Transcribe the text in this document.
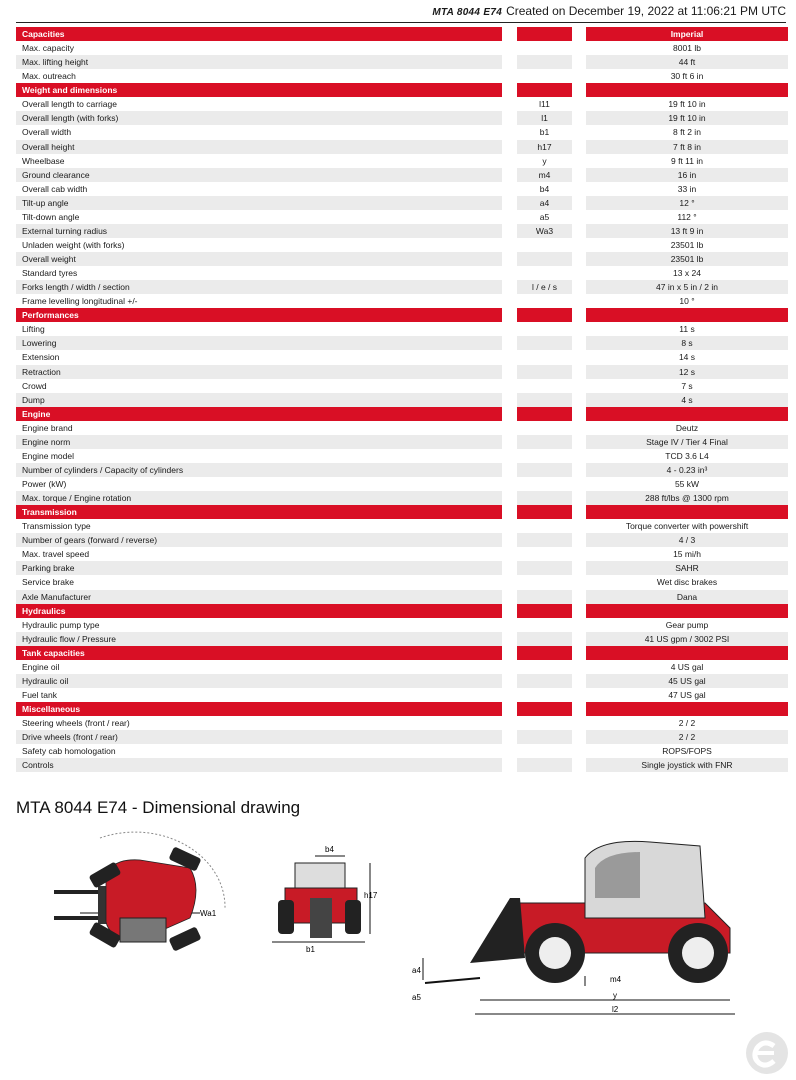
MTA 8044 E74 Created on December 19, 2022 at 11:06:21 PM UTC
Capacities	Imperial
Max. capacity	8001 lb
Max. lifting height	44 ft
Max. outreach	30 ft 6 in
Weight and dimensions
Overall length to carriage	l11	19 ft 10 in
Overall length (with forks)	l1	19 ft 10 in
Overall width	b1	8 ft 2 in
Overall height	h17	7 ft 8 in
Wheelbase	y	9 ft 11 in
Ground clearance	m4	16 in
Overall cab width	b4	33 in
Tilt-up angle	a4	12 °
Tilt-down angle	a5	112 °
External turning radius	Wa3	13 ft 9 in
Unladen weight (with forks)	23501 lb
Overall weight	23501 lb
Standard tyres	13 x 24
Forks length / width / section	l / e / s	47 in x 5 in / 2 in
Frame levelling longitudinal +/-	10 °
Performances
Lifting	11 s
Lowering	8 s
Extension	14 s
Retraction	12 s
Crowd	7 s
Dump	4 s
Engine
Engine brand	Deutz
Engine norm	Stage IV / Tier 4 Final
Engine model	TCD 3.6 L4
Number of cylinders / Capacity of cylinders	4 - 0.23 in³
Power (kW)	55 kW
Max. torque / Engine rotation	288 ft/lbs @ 1300 rpm
Transmission
Transmission type	Torque converter with powershift
Number of gears (forward / reverse)	4 / 3
Max. travel speed	15 mi/h
Parking brake	SAHR
Service brake	Wet disc brakes
Axle Manufacturer	Dana
Hydraulics
Hydraulic pump type	Gear pump
Hydraulic flow / Pressure	41 US gpm / 3002 PSI
Tank capacities
Engine oil	4 US gal
Hydraulic oil	45 US gal
Fuel tank	47 US gal
Miscellaneous
Steering wheels (front / rear)	2 / 2
Drive wheels (front / rear)	2 / 2
Safety cab homologation	ROPS/FOPS
Controls	Single joystick with FNR
MTA 8044 E74 - Dimensional drawing
Wa1
b4
h17
b1
a4
a5
m4
y
l2
